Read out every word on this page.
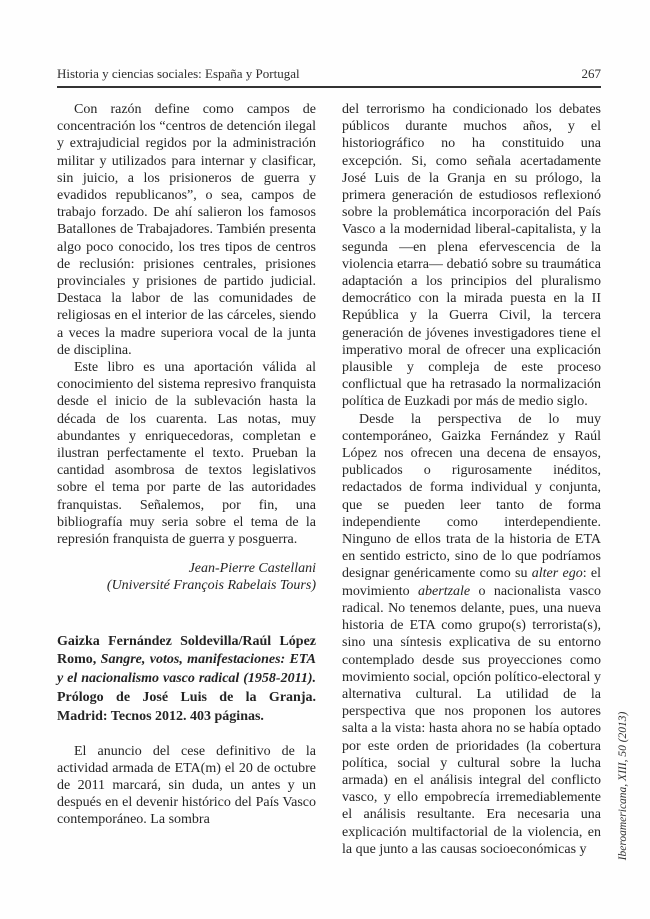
Historia y ciencias sociales: España y Portugal	267

Con razón define como campos de concentración los “centros de detención ilegal y extrajudicial regidos por la administración militar y utilizados para internar y clasificar, sin juicio, a los prisioneros de guerra y evadidos republicanos”, o sea, campos de trabajo forzado. De ahí salieron los famosos Batallones de Trabajadores. También presenta algo poco conocido, los tres tipos de centros de reclusión: prisiones centrales, prisiones provinciales y prisiones de partido judicial. Destaca la labor de las comunidades de religiosas en el interior de las cárceles, siendo a veces la madre superiora vocal de la junta de disciplina.

Este libro es una aportación válida al conocimiento del sistema represivo franquista desde el inicio de la sublevación hasta la década de los cuarenta. Las notas, muy abundantes y enriquecedoras, completan e ilustran perfectamente el texto. Prueban la cantidad asombrosa de textos legislativos sobre el tema por parte de las autoridades franquistas. Señalemos, por fin, una bibliografía muy seria sobre el tema de la represión franquista de guerra y posguerra.

Jean-Pierre Castellani
(Université François Rabelais Tours)

Gaizka Fernández Soldevilla/Raúl López Romo, Sangre, votos, manifestaciones: ETA y el nacionalismo vasco radical (1958-2011). Prólogo de José Luis de la Granja. Madrid: Tecnos 2012. 403 páginas.

El anuncio del cese definitivo de la actividad armada de ETA(m) el 20 de octubre de 2011 marcará, sin duda, un antes y un después en el devenir histórico del País Vasco contemporáneo. La sombra

del terrorismo ha condicionado los debates públicos durante muchos años, y el historiográfico no ha constituido una excepción. Si, como señala acertadamente José Luis de la Granja en su prólogo, la primera generación de estudiosos reflexionó sobre la problemática incorporación del País Vasco a la modernidad liberal-capitalista, y la segunda —en plena efervescencia de la violencia etarra— debatió sobre su traumática adaptación a los principios del pluralismo democrático con la mirada puesta en la II República y la Guerra Civil, la tercera generación de jóvenes investigadores tiene el imperativo moral de ofrecer una explicación plausible y compleja de este proceso conflictual que ha retrasado la normalización política de Euzkadi por más de medio siglo.

Desde la perspectiva de lo muy contemporáneo, Gaizka Fernández y Raúl López nos ofrecen una decena de ensayos, publicados o rigurosamente inéditos, redactados de forma individual y conjunta, que se pueden leer tanto de forma independiente como interdependiente. Ninguno de ellos trata de la historia de ETA en sentido estricto, sino de lo que podríamos designar genéricamente como su alter ego: el movimiento abertzale o nacionalista vasco radical. No tenemos delante, pues, una nueva historia de ETA como grupo(s) terrorista(s), sino una síntesis explicativa de su entorno contemplado desde sus proyecciones como movimiento social, opción político-electoral y alternativa cultural. La utilidad de la perspectiva que nos proponen los autores salta a la vista: hasta ahora no se había optado por este orden de prioridades (la cobertura política, social y cultural sobre la lucha armada) en el análisis integral del conflicto vasco, y ello empobrecía irremediablemente el análisis resultante. Era necesaria una explicación multifactorial de la violencia, en la que junto a las causas socioeconómicas y	Iberoamericana, XIII, 50 (2013)
